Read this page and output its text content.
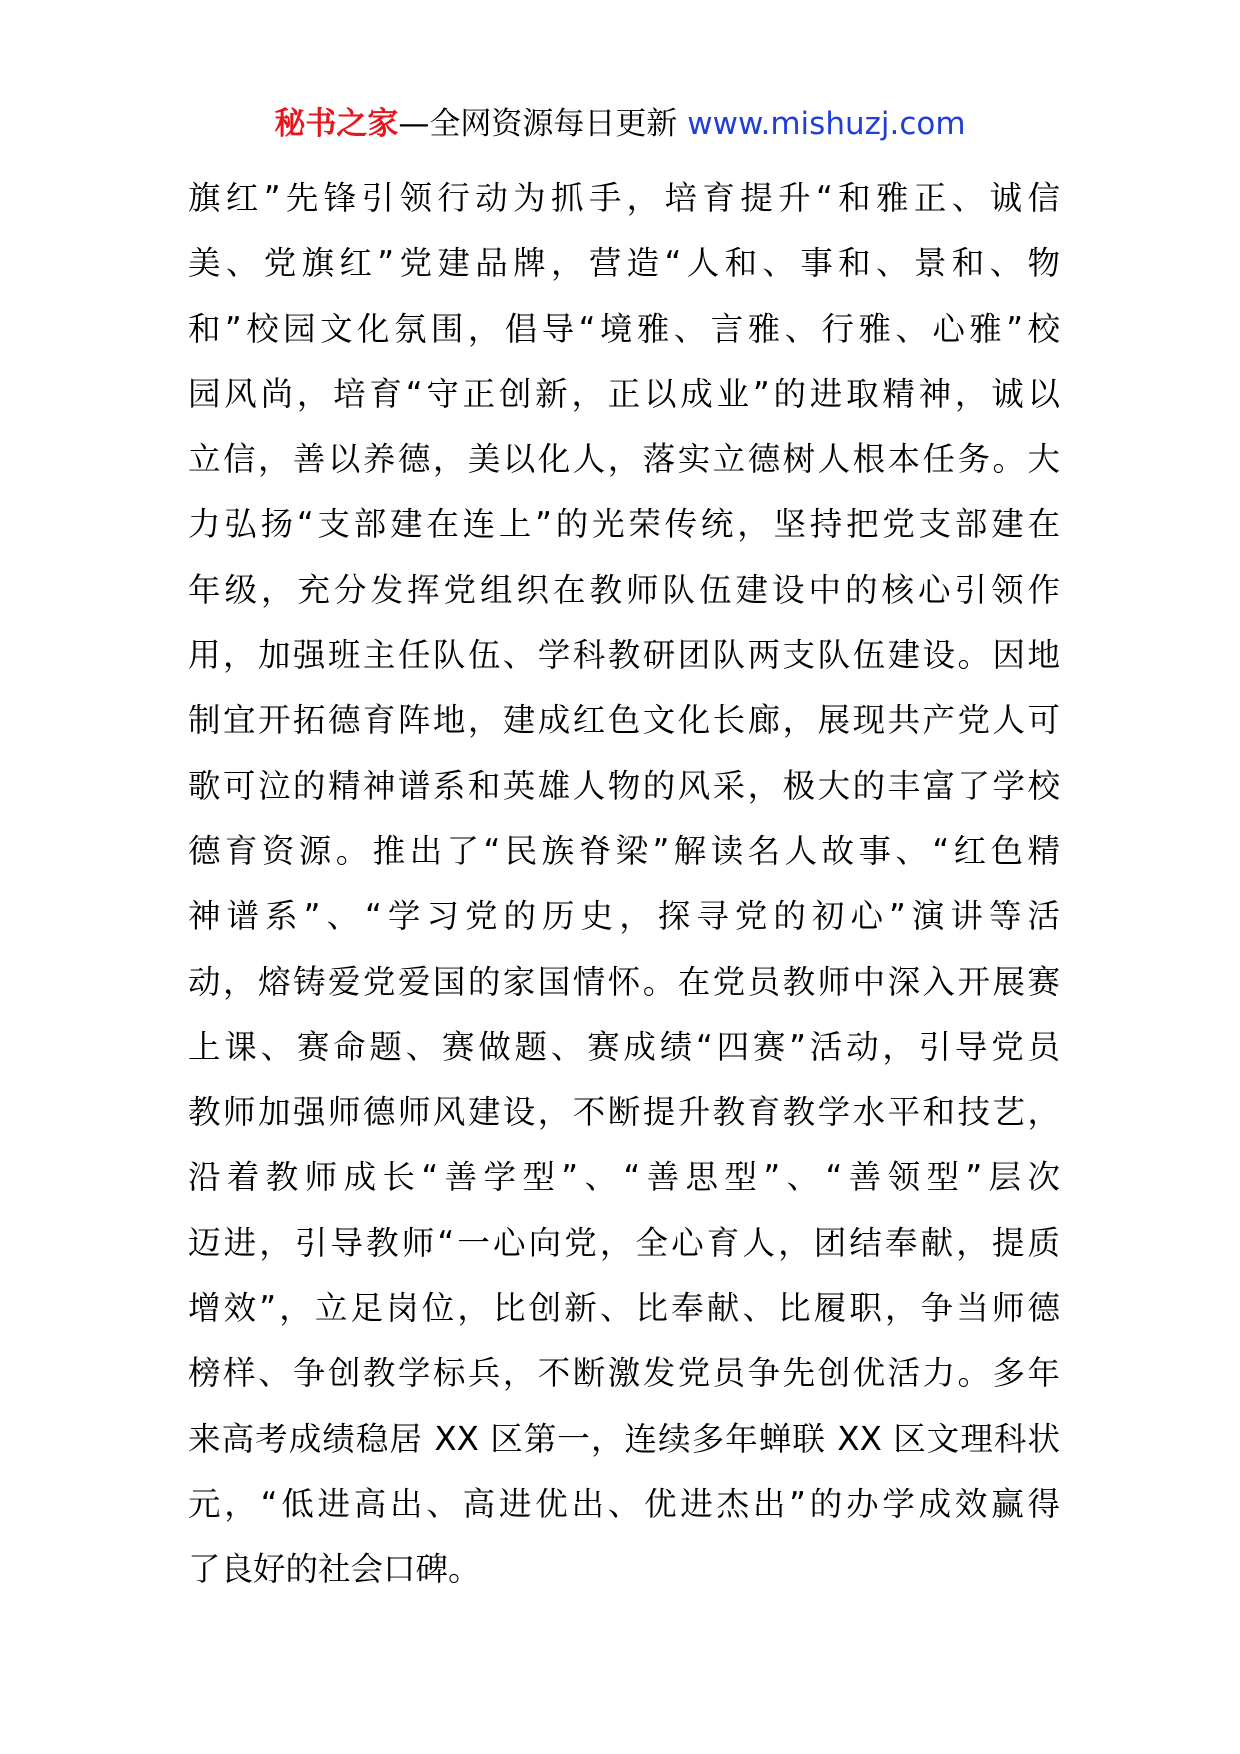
秘书之家—全网资源每日更新 www.mishuzj.com
旗红”先锋引领行动为抓手，培育提升“和雅正、诚信
美、党旗红”党建品牌，营造“人和、事和、景和、物
和”校园文化氛围，倡导“境雅、言雅、行雅、心雅”校
园风尚，培育“守正创新，正以成业”的进取精神，诚以
立信，善以养德，美以化人，落实立德树人根本任务。大
力弘扬“支部建在连上”的光荣传统，坚持把党支部建在
年级，充分发挥党组织在教师队伍建设中的核心引领作
用，加强班主任队伍、学科教研团队两支队伍建设。因地
制宜开拓德育阵地，建成红色文化长廊，展现共产党人可
歌可泣的精神谱系和英雄人物的风采，极大的丰富了学校
德育资源。推出了“民族脊梁”解读名人故事、“红色精
神谱系”、“学习党的历史，探寻党的初心”演讲等活
动，熔铸爱党爱国的家国情怀。在党员教师中深入开展赛
上课、赛命题、赛做题、赛成绩“四赛”活动，引导党员
教师加强师德师风建设，不断提升教育教学水平和技艺，
沿着教师成长“善学型”、“善思型”、“善领型”层次
迈进，引导教师“一心向党，全心育人，团结奉献，提质
增效”，立足岗位，比创新、比奉献、比履职，争当师德
榜样、争创教学标兵，不断激发党员争先创优活力。多年
来高考成绩稳居 XX 区第一，连续多年蝉联 XX 区文理科状
元，“低进高出、高进优出、优进杰出”的办学成效赢得
了良好的社会口碑。
